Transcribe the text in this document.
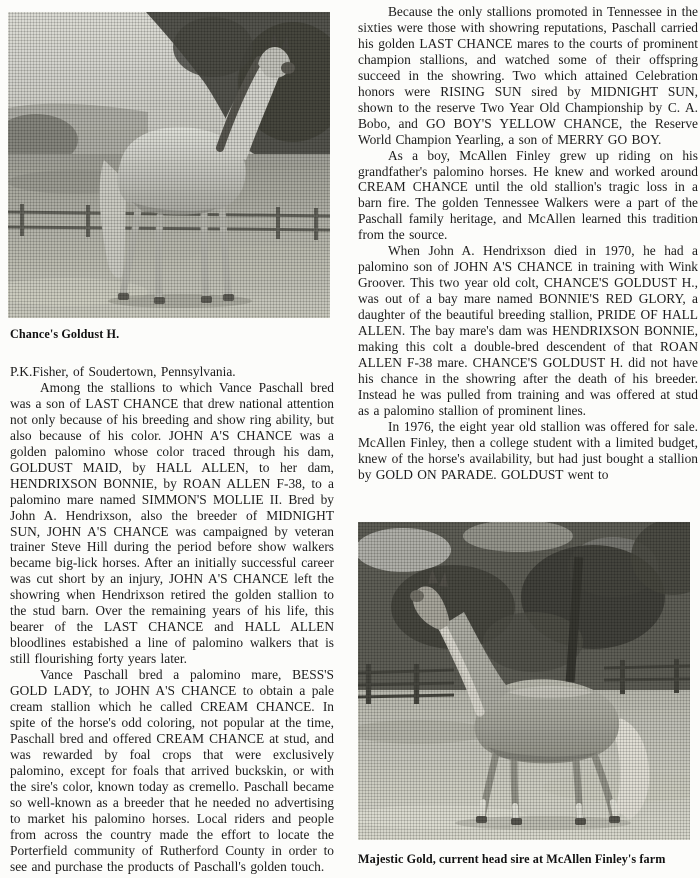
Chance's Goldust H.

P.K.Fisher, of Soudertown, Pennsylvania.

Among the stallions to which Vance Paschall bred was a son of LAST CHANCE that drew national attention not only because of his breeding and show ring ability, but also because of his color. JOHN A'S CHANCE was a golden palomino whose color traced through his dam, GOLDUST MAID, by HALL ALLEN, to her dam, HENDRIXSON BONNIE, by ROAN ALLEN F-38, to a palomino mare named SIMMON'S MOLLIE II. Bred by John A. Hendrixson, also the breeder of MIDNIGHT SUN, JOHN A'S CHANCE was campaigned by veteran trainer Steve Hill during the period before show walkers became big-lick horses. After an initially successful career was cut short by an injury, JOHN A'S CHANCE left the showring when Hendrixson retired the golden stallion to the stud barn. Over the remaining years of his life, this bearer of the LAST CHANCE and HALL ALLEN bloodlines estabished a line of palomino walkers that is still flourishing forty years later.

Vance Paschall bred a palomino mare, BESS'S GOLD LADY, to JOHN A'S CHANCE to obtain a pale cream stallion which he called CREAM CHANCE. In spite of the horse's odd coloring, not popular at the time, Paschall bred and offered CREAM CHANCE at stud, and was rewarded by foal crops that were exclusively palomino, except for foals that arrived buckskin, or with the sire's color, known today as cremello. Paschall became so well-known as a breeder that he needed no advertising to market his palomino horses. Local riders and people from across the country made the effort to locate the Porterfield community of Rutherford County in order to see and purchase the products of Paschall's golden touch.

Because the only stallions promoted in Tennessee in the sixties were those with showring reputations, Paschall carried his golden LAST CHANCE mares to the courts of prominent champion stallions, and watched some of their offspring succeed in the showring. Two which attained Celebration honors were RISING SUN sired by MIDNIGHT SUN, shown to the reserve Two Year Old Championship by C. A. Bobo, and GO BOY'S YELLOW CHANCE, the Reserve World Champion Yearling, a son of MERRY GO BOY.

As a boy, McAllen Finley grew up riding on his grandfather's palomino horses. He knew and worked around CREAM CHANCE until the old stallion's tragic loss in a barn fire. The golden Tennessee Walkers were a part of the Paschall family heritage, and McAllen learned this tradition from the source.

When John A. Hendrixson died in 1970, he had a palomino son of JOHN A'S CHANCE in training with Wink Groover. This two year old colt, CHANCE'S GOLDUST H., was out of a bay mare named BONNIE'S RED GLORY, a daughter of the beautiful breeding stallion, PRIDE OF HALL ALLEN. The bay mare's dam was HENDRIXSON BONNIE, making this colt a double-bred descendent of that ROAN ALLEN F-38 mare. CHANCE'S GOLDUST H. did not have his chance in the showring after the death of his breeder. Instead he was pulled from training and was offered at stud as a palomino stallion of prominent lines.

In 1976, the eight year old stallion was offered for sale. McAllen Finley, then a college student with a limited budget, knew of the horse's availability, but had just bought a stallion by GOLD ON PARADE. GOLDUST went to

Majestic Gold, current head sire at McAllen Finley's farm
